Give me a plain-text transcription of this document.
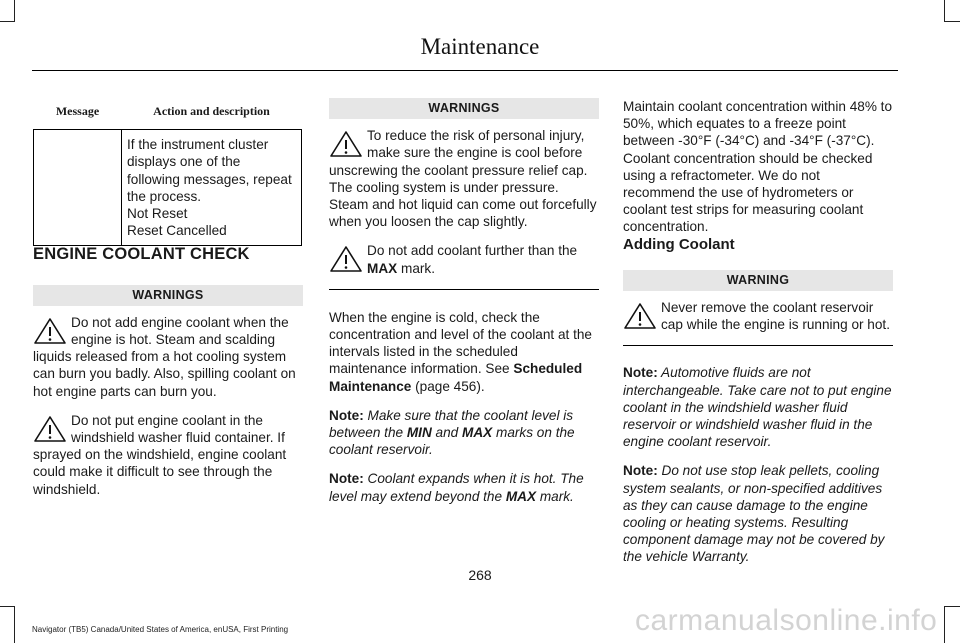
Maintenance
Message	Action and description

	If the instrument cluster displays one of the following messages, repeat the process.

Not Reset

Reset Cancelled

ENGINE COOLANT CHECK

WARNINGS

Do not add engine coolant when the engine is hot. Steam and scalding liquids released from a hot cooling system can burn you badly. Also, spilling coolant on hot engine parts can burn you.

Do not put engine coolant in the windshield washer fluid container. If sprayed on the windshield, engine coolant could make it difficult to see through the windshield.

WARNINGS

To reduce the risk of personal injury, make sure the engine is cool before unscrewing the coolant pressure relief cap. The cooling system is under pressure. Steam and hot liquid can come out forcefully when you loosen the cap slightly.

Do not add coolant further than the MAX mark.

When the engine is cold, check the concentration and level of the coolant at the intervals listed in the scheduled maintenance information. See Scheduled Maintenance (page 456).

Note: Make sure that the coolant level is between the MIN and MAX marks on the coolant reservoir.

Note: Coolant expands when it is hot. The level may extend beyond the MAX mark.

Maintain coolant concentration within 48% to 50%, which equates to a freeze point between -30°F (-34°C) and -34°F (-37°C). Coolant concentration should be checked using a refractometer. We do not recommend the use of hydrometers or coolant test strips for measuring coolant concentration.

Adding Coolant

WARNING

Never remove the coolant reservoir cap while the engine is running or hot.

Note: Automotive fluids are not interchangeable. Take care not to put engine coolant in the windshield washer fluid reservoir or windshield washer fluid in the engine coolant reservoir.

Note: Do not use stop leak pellets, cooling system sealants, or non-specified additives as they can cause damage to the engine cooling or heating systems. Resulting component damage may not be covered by the vehicle Warranty.

268
Navigator (TB5) Canada/United States of America, enUSA, First Printing	carmanualsonline.info
